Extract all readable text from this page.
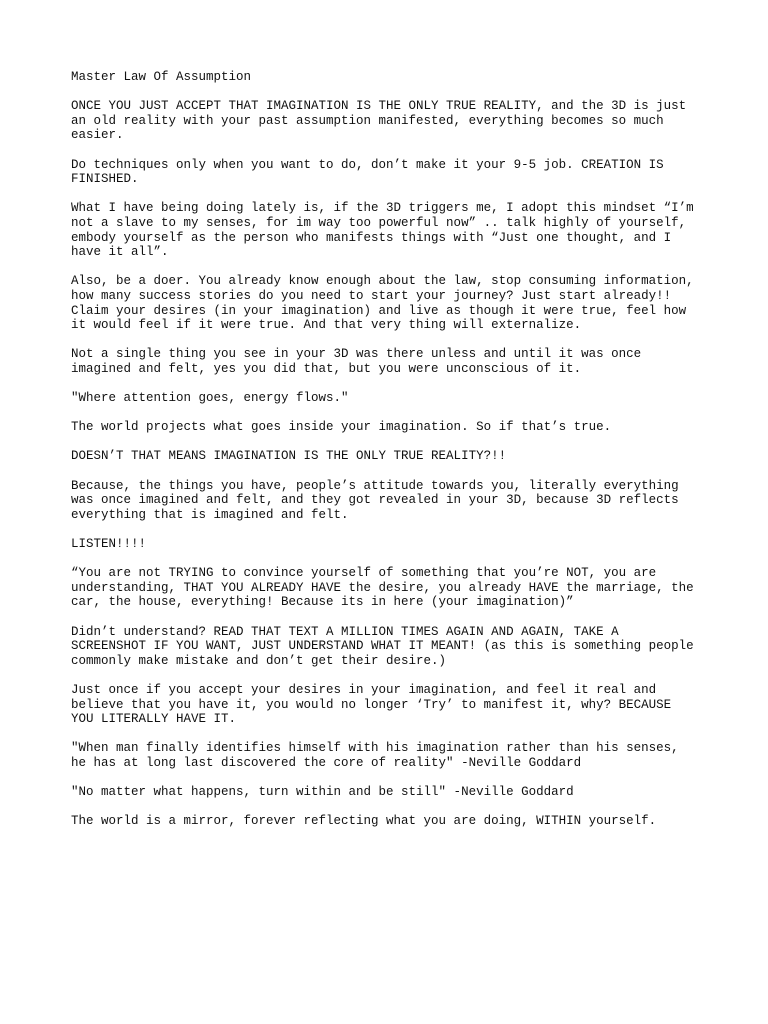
Master Law Of Assumption

ONCE YOU JUST ACCEPT THAT IMAGINATION IS THE ONLY TRUE REALITY, and the 3D is just
an old reality with your past assumption manifested, everything becomes so much
easier.

Do techniques only when you want to do, don’t make it your 9-5 job. CREATION IS
FINISHED.

What I have being doing lately is, if the 3D triggers me, I adopt this mindset “I’m
not a slave to my senses, for im way too powerful now” .. talk highly of yourself,
embody yourself as the person who manifests things with “Just one thought, and I
have it all”.

Also, be a doer. You already know enough about the law, stop consuming information,
how many success stories do you need to start your journey? Just start already!!
Claim your desires (in your imagination) and live as though it were true, feel how
it would feel if it were true. And that very thing will externalize.

Not a single thing you see in your 3D was there unless and until it was once
imagined and felt, yes you did that, but you were unconscious of it.

"Where attention goes, energy flows."

The world projects what goes inside your imagination. So if that’s true.

DOESN’T THAT MEANS IMAGINATION IS THE ONLY TRUE REALITY?!!

Because, the things you have, people’s attitude towards you, literally everything
was once imagined and felt, and they got revealed in your 3D, because 3D reflects
everything that is imagined and felt.

LISTEN!!!!

“You are not TRYING to convince yourself of something that you’re NOT, you are
understanding, THAT YOU ALREADY HAVE the desire, you already HAVE the marriage, the
car, the house, everything! Because its in here (your imagination)”

Didn’t understand? READ THAT TEXT A MILLION TIMES AGAIN AND AGAIN, TAKE A
SCREENSHOT IF YOU WANT, JUST UNDERSTAND WHAT IT MEANT! (as this is something people
commonly make mistake and don’t get their desire.)

Just once if you accept your desires in your imagination, and feel it real and
believe that you have it, you would no longer ‘Try’ to manifest it, why? BECAUSE
YOU LITERALLY HAVE IT.

"When man finally identifies himself with his imagination rather than his senses,
he has at long last discovered the core of reality" -Neville Goddard

"No matter what happens, turn within and be still" -Neville Goddard

The world is a mirror, forever reflecting what you are doing, WITHIN yourself.
